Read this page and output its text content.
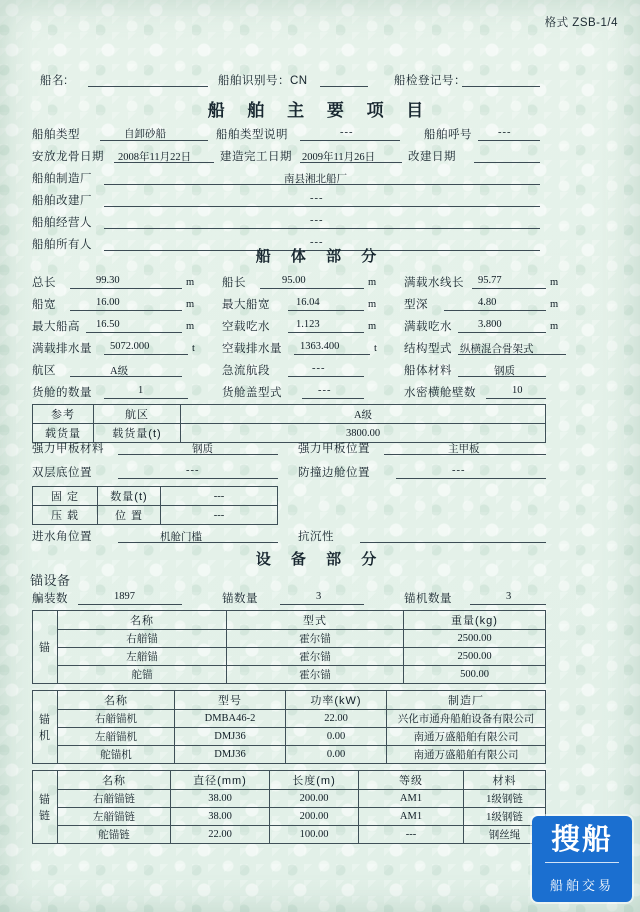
格式 ZSB-1/4
船名:	船舶识别号：CN	船检登记号：
船 舶 主 要 项 目
船舶类型	自卸砂船	船舶类型说明	---	船舶呼号 ---
安放龙骨日期 2008年11月22日	建造完工日期 2009年11月26日	改建日期
船舶制造厂	南县湘北船厂
船舶改建厂	---
船舶经营人	---
船舶所有人	---
船 体 部 分
总长	99.30	m 船长	95.00	m 满载水线长 95.77	m
船宽	16.00	m 最大船宽 16.04	m 型深	4.80	m
最大船高 16.50	m 空载吃水 1.123	m 满载吃水 3.800	m
满载排水量 5072.000	t 空载排水量 1363.400	t 结构型式 纵横混合骨架式
航区	A级	急流航段	---	船体材料	钢质
货舱的数量	1	货舱盖型式	---	水密横舱壁数	10
参考	航区	A级
载货量	载货量(t)	3800.00
强力甲板材料	钢质	强力甲板位置	主甲板
双层底位置	---	防撞边舱位置	---
固 定	数量(t)	---
压 载	位 置	---
进水角位置	机舱门槛	抗沉性
设 备 部 分
锚设备
艑装数	1897	锚数量	3	锚机数量	3
锚	名称	型式	重量(kg)
	右艏锚	霍尔锚	2500.00
	左艏锚	霍尔锚	2500.00
	舵锚	霍尔锚	500.00
锚机	名称	型号	功率(kW)	制造厂
	右艏锚机	DMBA46-2	22.00	兴化市通舟船舶设备有限公司
	左艏锚机	DMJ36	0.00	南通万盛船舶有限公司
	舵锚机	DMJ36	0.00	南通万盛船舶有限公司
锚链	名称	直径(mm)	长度(m)	等级	材料
	右艏锚链	38.00	200.00	AM1	1级钢链
	左艏锚链	38.00	200.00	AM1	1级钢链
	舵锚链	22.00	100.00	---	钢丝绳	搜船
船舶交易
